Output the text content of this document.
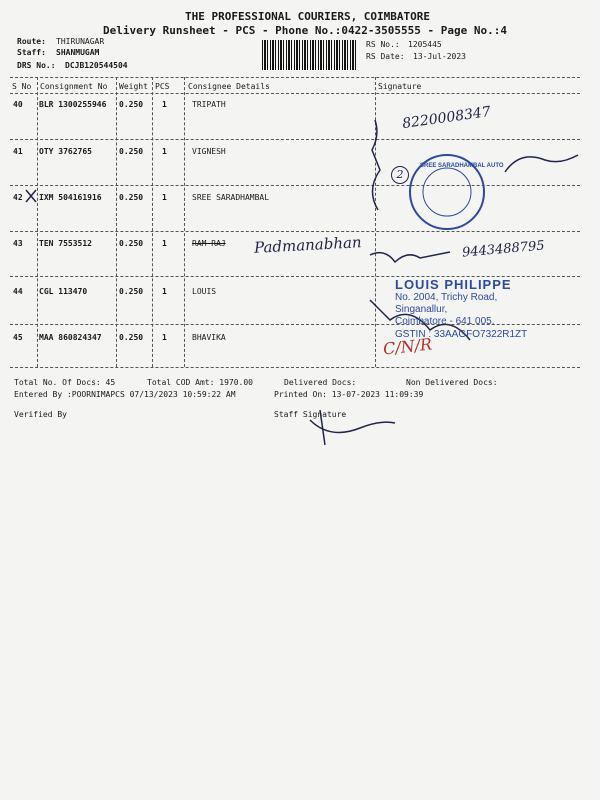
THE PROFESSIONAL COURIERS, COIMBATORE
Delivery Runsheet - PCS - Phone No.:0422-3505555 - Page No.:4
Route: THIRUNAGAR
Staff: SHANMUGAM
DRS No.: DCJB120544504
RS No.: 1205445
RS Date: 13-Jul-2023
S No Consignment No Weight PCS Consignee Details	Signature
40 BLR 1300255946 0.250 1	TRIPATH
41 OTY 3762765	0.250 1	VIGNESH
42 IXM 504161916 0.250 1	SREE SARADHAMBAL
43 TEN 7553512	0.250 1	RAM RAJ
44 CGL 113470	0.250 1	LOUIS
45 MAA 860824347 0.250 1	BHAVIKA
8220008347
Padmanabhan	9443488795
2
C/N/R
SREE SARADHAMBAL AUTO
LOUIS PHILIPPE
No. 2004, Trichy Road,
Singanallur,
Coimbatore - 641 005.
GSTIN : 33AAGFO7322R1ZT
Total No. Of Docs: 45	Total COD Amt: 1970.00	Delivered Docs:	Non Delivered Docs:
Entered By :POORNIMAPCS 07/13/2023 10:59:22 AM	Printed On: 13-07-2023 11:09:39
Verified By	Staff Signature
